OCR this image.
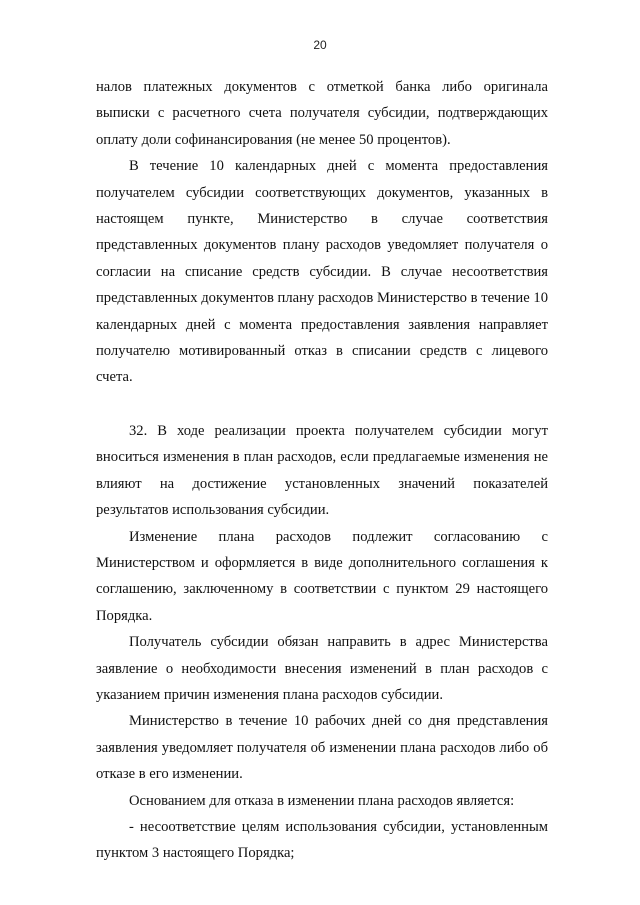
20

налов платежных документов с отметкой банка либо оригинала выписки с расчетного счета получателя субсидии, подтверждающих оплату доли софинансирования (не менее 50 процентов).

В течение 10 календарных дней с момента предоставления получателем субсидии соответствующих документов, указанных в настоящем пункте, Министерство в случае соответствия представленных документов плану расходов уведомляет получателя о согласии на списание средств субсидии. В случае несоответствия представленных документов плану расходов Министерство в течение 10 календарных дней с момента предоставления заявления направляет получателю мотивированный отказ в списании средств с лицевого счета.

32. В ходе реализации проекта получателем субсидии могут вноситься изменения в план расходов, если предлагаемые изменения не влияют на достижение установленных значений показателей результатов использования субсидии.

Изменение плана расходов подлежит согласованию с Министерством и оформляется в виде дополнительного соглашения к соглашению, заключенному в соответствии с пунктом 29 настоящего Порядка.

Получатель субсидии обязан направить в адрес Министерства заявление о необходимости внесения изменений в план расходов с указанием причин изменения плана расходов субсидии.

Министерство в течение 10 рабочих дней со дня представления заявления уведомляет получателя об изменении плана расходов либо об отказе в его изменении.

Основанием для отказа в изменении плана расходов является:

- несоответствие целям использования субсидии, установленным пунктом 3 настоящего Порядка;
